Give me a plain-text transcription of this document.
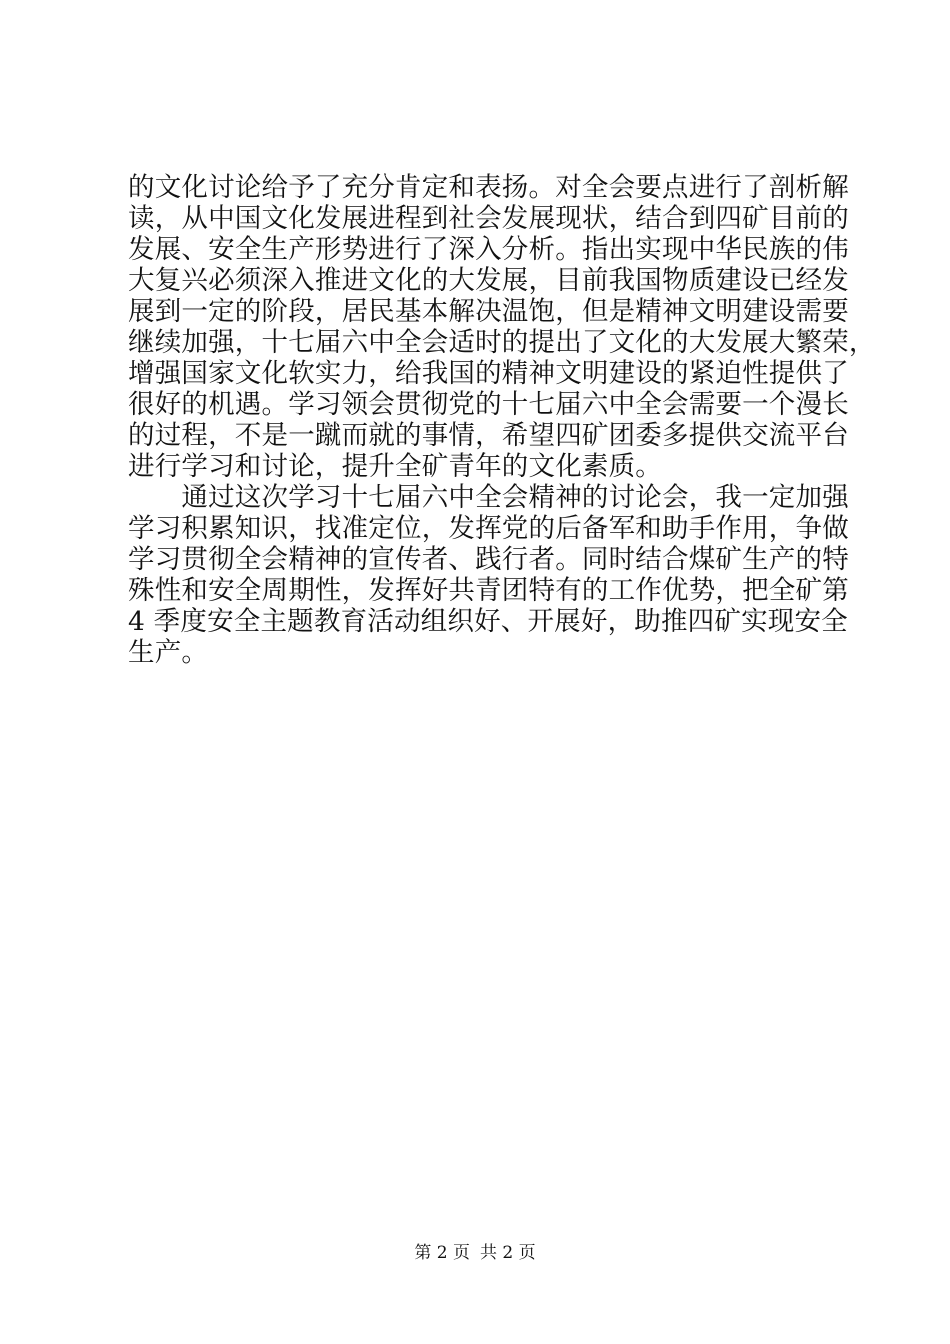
的文化讨论给予了充分肯定和表扬。对全会要点进行了剖析解
读，从中国文化发展进程到社会发展现状，结合到四矿目前的
发展、安全生产形势进行了深入分析。指出实现中华民族的伟
大复兴必须深入推进文化的大发展，目前我国物质建设已经发
展到一定的阶段，居民基本解决温饱，但是精神文明建设需要
继续加强，十七届六中全会适时的提出了文化的大发展大繁荣，
增强国家文化软实力，给我国的精神文明建设的紧迫性提供了
很好的机遇。学习领会贯彻党的十七届六中全会需要一个漫长
的过程，不是一蹴而就的事情，希望四矿团委多提供交流平台
进行学习和讨论，提升全矿青年的文化素质。
　　通过这次学习十七届六中全会精神的讨论会，我一定加强
学习积累知识，找准定位，发挥党的后备军和助手作用，争做
学习贯彻全会精神的宣传者、践行者。同时结合煤矿生产的特
殊性和安全周期性，发挥好共青团特有的工作优势，把全矿第
4 季度安全主题教育活动组织好、开展好，助推四矿实现安全
生产。
第 2 页 共 2 页
